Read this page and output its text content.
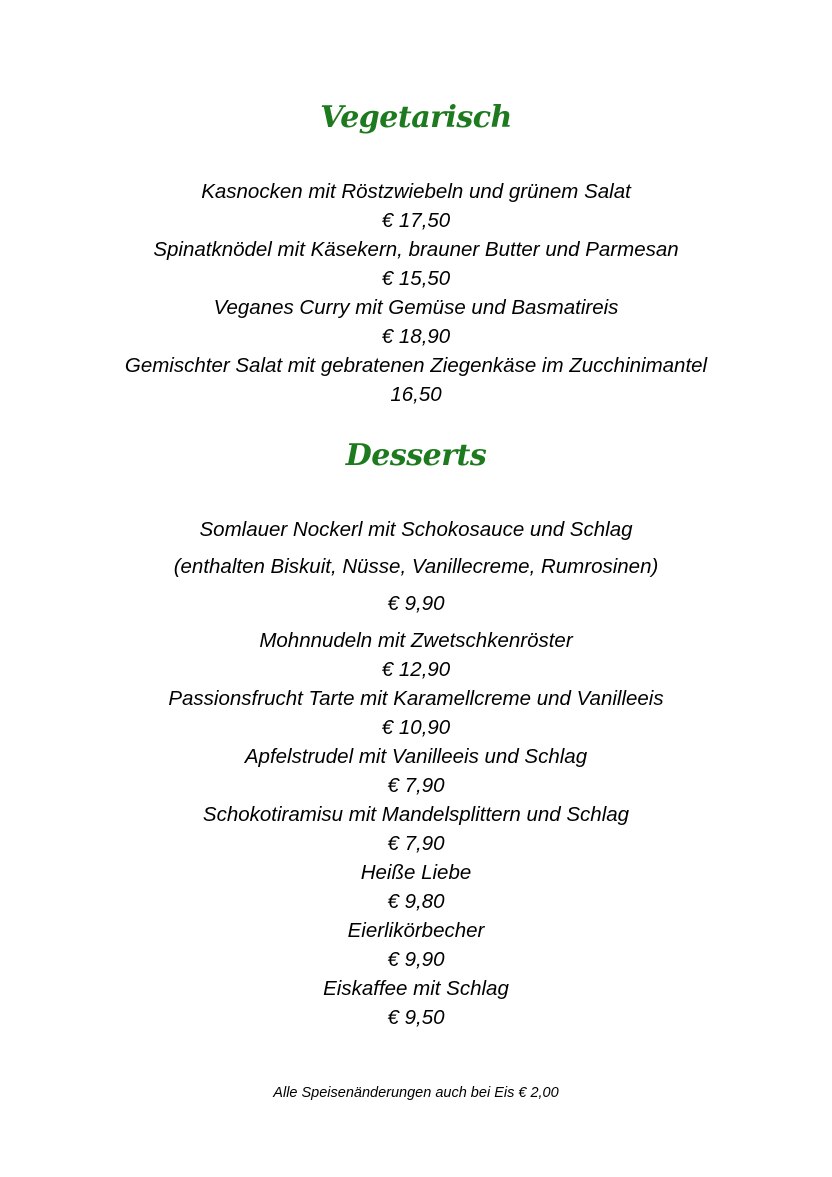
Vegetarisch

Kasnocken mit Röstzwiebeln und grünem Salat

€ 17,50

Spinatknödel mit Käsekern, brauner Butter und Parmesan

€ 15,50

Veganes Curry mit Gemüse und Basmatireis

€ 18,90

Gemischter Salat mit gebratenen Ziegenkäse im Zucchinimantel

16,50

Desserts

Somlauer Nockerl mit Schokosauce und Schlag

(enthalten Biskuit, Nüsse, Vanillecreme, Rumrosinen)

€ 9,90

Mohnnudeln mit Zwetschkenröster

€ 12,90

Passionsfrucht Tarte mit Karamellcreme und Vanilleeis

€ 10,90

Apfelstrudel mit Vanilleeis und Schlag

€ 7,90

Schokotiramisu mit Mandelsplittern und Schlag

€ 7,90

Heiße Liebe

€ 9,80

Eierlikörbecher

€ 9,90

Eiskaffee mit Schlag

€ 9,50

Alle Speisenänderungen auch bei Eis € 2,00
